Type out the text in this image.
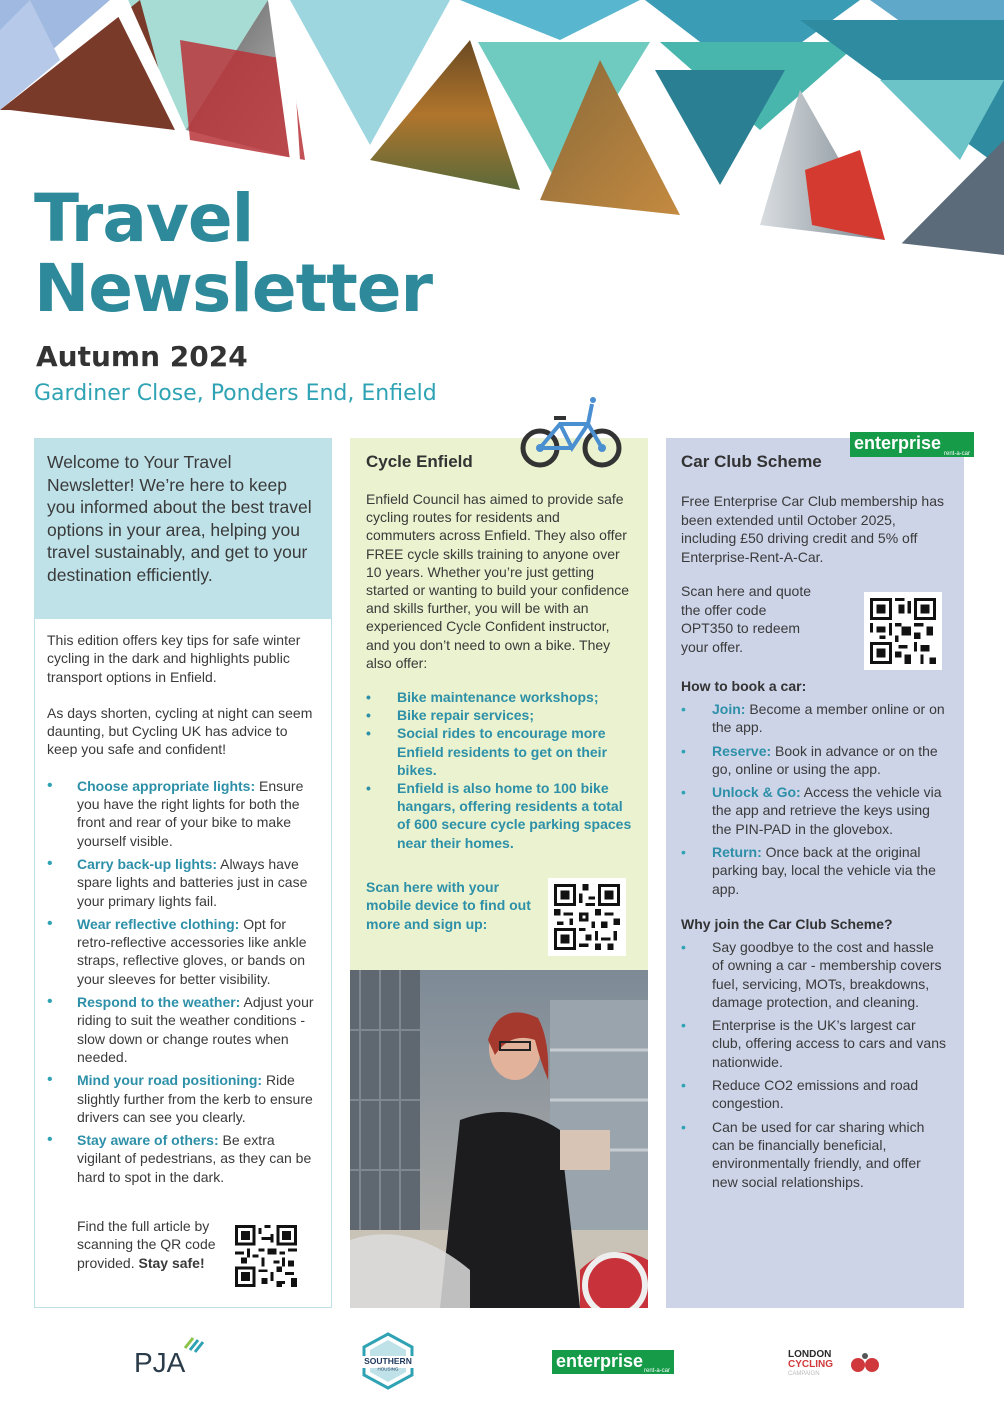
Travel
Newsletter
Autumn 2024
Gardiner Close, Ponders End, Enfield
Welcome to Your Travel Newsletter! We’re here to keep you informed about the best travel options in your area, helping you travel sustainably, and get to your destination efficiently.

This edition offers key tips for safe winter cycling in the dark and highlights public transport options in Enfield.

As days shorten, cycling at night can seem daunting, but Cycling UK has advice to keep you safe and confident!

• Choose appropriate lights: Ensure you have the right lights for both the front and rear of your bike to make yourself visible.
• Carry back-up lights: Always have spare lights and batteries just in case your primary lights fail.
• Wear reflective clothing: Opt for retro-reflective accessories like ankle straps, reflective gloves, or bands on your sleeves for better visibility.
• Respond to the weather: Adjust your riding to suit the weather conditions - slow down or change routes when needed.
• Mind your road positioning: Ride slightly further from the kerb to ensure drivers can see you clearly.
• Stay aware of others: Be extra vigilant of pedestrians, as they can be hard to spot in the dark.
Find the full article by scanning the QR code provided. Stay safe!
Cycle Enfield
Enfield Council has aimed to provide safe cycling routes for residents and commuters across Enfield. They also offer FREE cycle skills training to anyone over 10 years. Whether you’re just getting started or wanting to build your confidence and skills further, you will be with an experienced Cycle Confident instructor, and you don’t need to own a bike. They also offer:
• Bike maintenance workshops;
• Bike repair services;
• Social rides to encourage more Enfield residents to get on their bikes.
• Enfield is also home to 100 bike hangars, offering residents a total of 600 secure cycle parking spaces near their homes.
Scan here with your mobile device to find out more and sign up:
Car Club Scheme
Free Enterprise Car Club membership has been extended until October 2025, including £50 driving credit and 5% off Enterprise-Rent-A-Car.
Scan here and quote the offer code OPT350 to redeem your offer.
How to book a car:
• Join: Become a member online or on the app.
• Reserve: Book in advance or on the go, online or using the app.
• Unlock & Go: Access the vehicle via the app and retrieve the keys using the PIN-PAD in the glovebox.
• Return: Once back at the original parking bay, local the vehicle via the app.
Why join the Car Club Scheme?
• Say goodbye to the cost and hassle of owning a car - membership covers fuel, servicing, MOTs, breakdowns, damage protection, and cleaning.
• Enterprise is the UK’s largest car club, offering access to cars and vans nationwide.
• Reduce CO2 emissions and road congestion.
• Can be used for car sharing which can be financially beneficial, environmentally friendly, and offer new social relationships.
enterprise
rent-a-car
PJA	SOUTHERN
HOUSING	enterprise rent-a-car
LONDON
CYCLING
CAMPAIGN
